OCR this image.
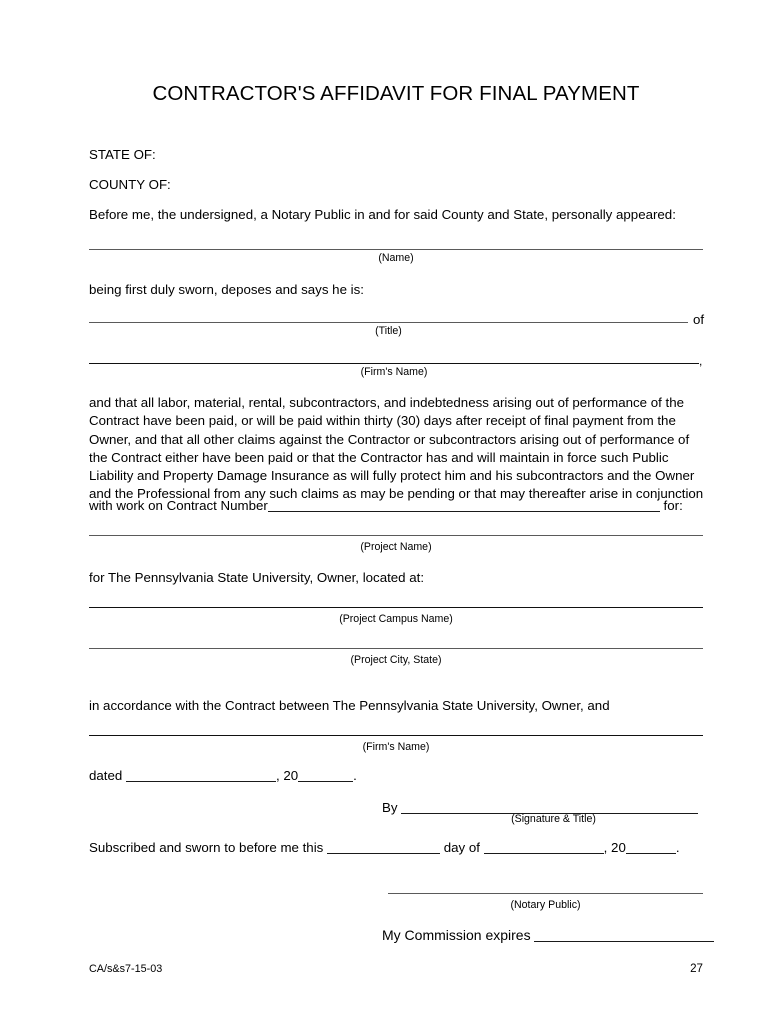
CONTRACTOR'S AFFIDAVIT FOR FINAL PAYMENT
STATE OF:
COUNTY OF:
Before me, the undersigned, a Notary Public in and for said County and State, personally appeared:
(Name)
being first duly sworn, deposes and says he is:
of
(Title)
,
(Firm's Name)
and that all labor, material, rental, subcontractors, and indebtedness arising out of performance of the
Contract have been paid, or will be paid within thirty (30) days after receipt of final payment from the
Owner, and that all other claims against the Contractor or subcontractors arising out of performance of
the Contract either have been paid or that the Contractor has and will maintain in force such Public
Liability and Property Damage Insurance as will fully protect him and his subcontractors and the Owner
and the Professional from any such claims as may be pending or that may thereafter arise in conjunction
with work on Contract Number	for:
(Project Name)
for The Pennsylvania State University, Owner, located at:
(Project Campus Name)
(Project City, State)
in accordance with the Contract between The Pennsylvania State University, Owner, and
(Firm's Name)
dated	, 20	.
By
(Signature & Title)
Subscribed and sworn to before me this	day of	, 20	.
(Notary Public)
My Commission expires
CA/s&s7-15-03	27
